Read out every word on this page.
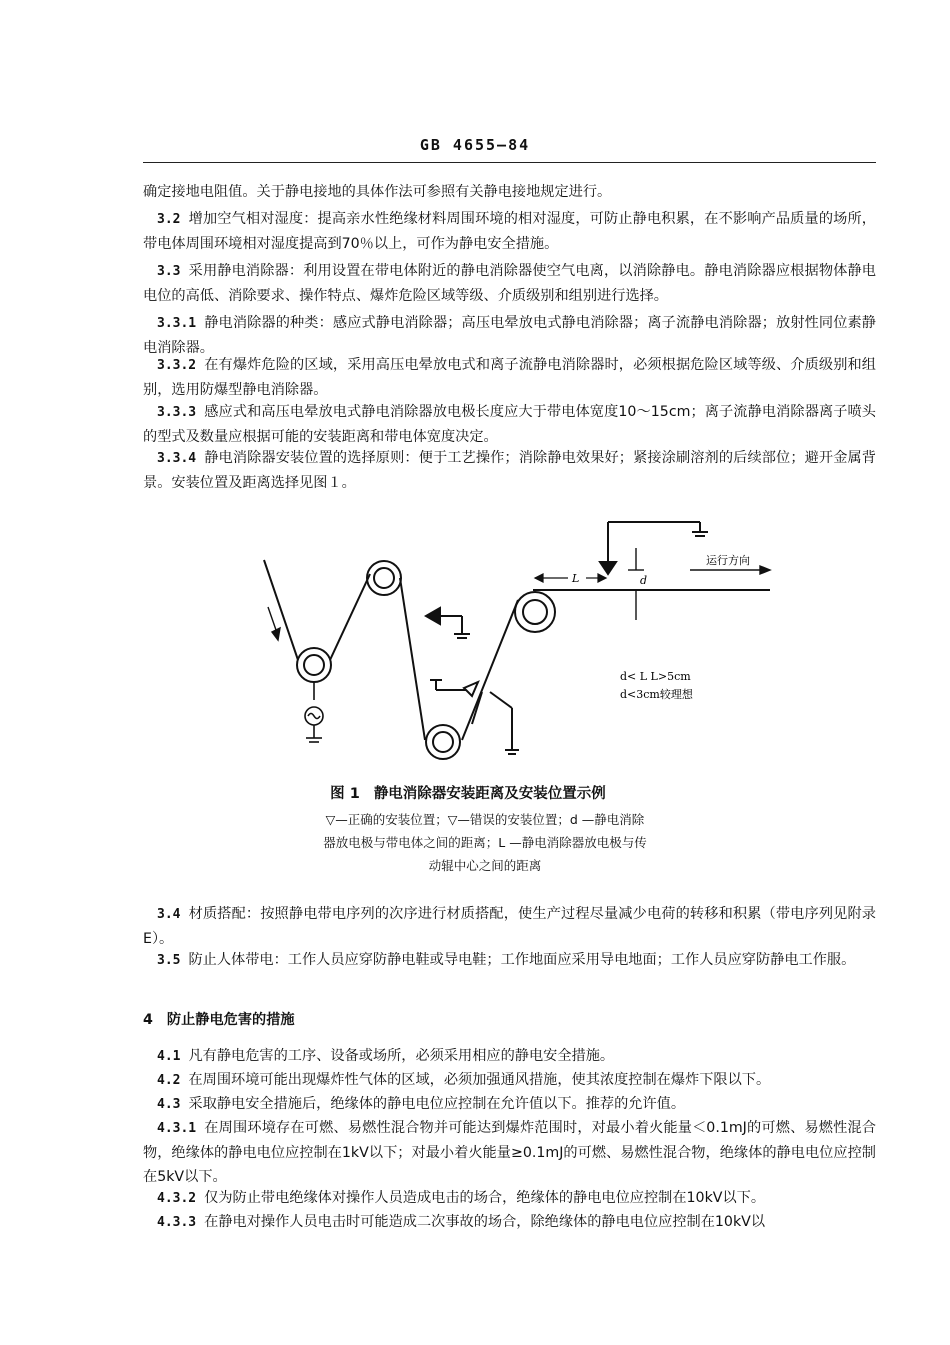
GB 4655—84

确定接地电阻值。关于静电接地的具体作法可参照有关静电接地规定进行。

3.2 增加空气相对湿度：提高亲水性绝缘材料周围环境的相对湿度，可防止静电积累，在不影响产品质量的场所，带电体周围环境相对湿度提高到70％以上，可作为静电安全措施。

3.3 采用静电消除器：利用设置在带电体附近的静电消除器使空气电离，以消除静电。静电消除器应根据物体静电电位的高低、消除要求、操作特点、爆炸危险区域等级、介质级别和组别进行选择。

3.3.1 静电消除器的种类：感应式静电消除器；高压电晕放电式静电消除器；离子流静电消除器；放射性同位素静电消除器。

3.3.2 在有爆炸危险的区域，采用高压电晕放电式和离子流静电消除器时，必须根据危险区域等级、介质级别和组别，选用防爆型静电消除器。

3.3.3 感应式和高压电晕放电式静电消除器放电极长度应大于带电体宽度10～15cm；离子流静电消除器离子喷头的型式及数量应根据可能的安装距离和带电体宽度决定。

3.3.4 静电消除器安装位置的选择原则：便于工艺操作；消除静电效果好；紧接涂刷溶剂的后续部位；避开金属背景。安装位置及距离选择见图１。

运行方向
L	d
d< L L>5cm
d<3cm较理想
图 1 静电消除器安装距离及安装位置示例
▽—正确的安装位置；▽—错误的安装位置；d —静电消除器放电极与带电体之间的距离；L —静电消除器放电极与传动辊中心之间的距离

3.4 材质搭配：按照静电带电序列的次序进行材质搭配，使生产过程尽量减少电荷的转移和积累（带电序列见附录E）。

3.5 防止人体带电：工作人员应穿防静电鞋或导电鞋；工作地面应采用导电地面；工作人员应穿防静电工作服。

4 防止静电危害的措施

4.1 凡有静电危害的工序、设备或场所，必须采用相应的静电安全措施。

4.2 在周围环境可能出现爆炸性气体的区域，必须加强通风措施，使其浓度控制在爆炸下限以下。

4.3 采取静电安全措施后，绝缘体的静电电位应控制在允许值以下。推荐的允许值。

4.3.1 在周围环境存在可燃、易燃性混合物并可能达到爆炸范围时，对最小着火能量＜0.1mJ的可燃、易燃性混合物，绝缘体的静电电位应控制在1kV以下；对最小着火能量≥0.1mJ的可燃、易燃性混合物，绝缘体的静电电位应控制在5kV以下。

4.3.2 仅为防止带电绝缘体对操作人员造成电击的场合，绝缘体的静电电位应控制在10kV以下。

4.3.3 在静电对操作人员电击时可能造成二次事故的场合，除绝缘体的静电电位应控制在10kV以
